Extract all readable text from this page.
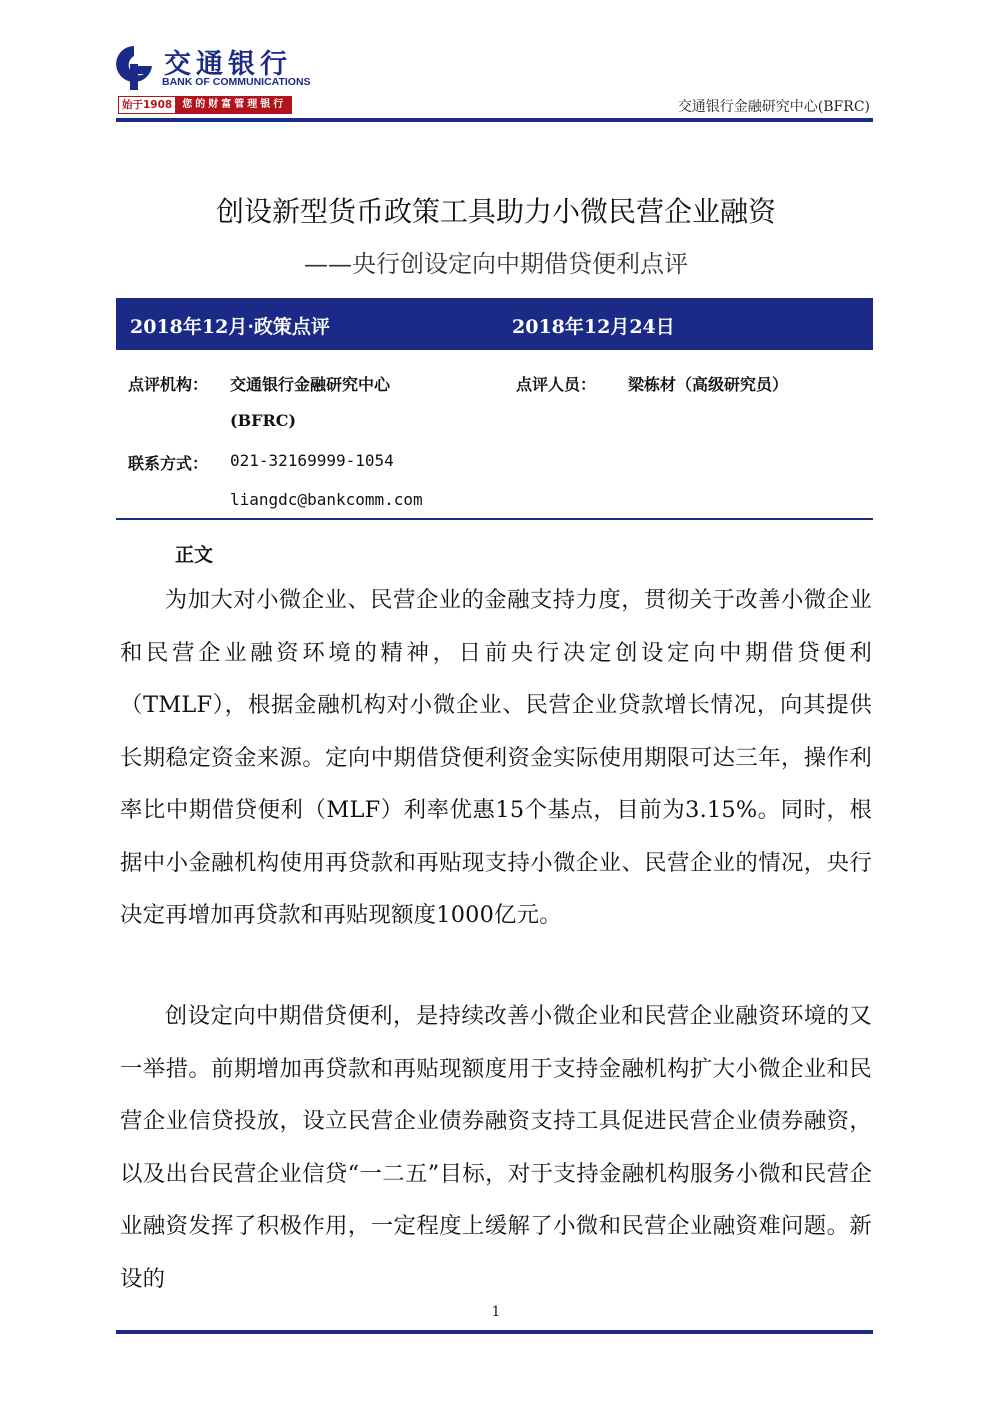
交通银行
BANK OF COMMUNICATIONS
始于1908	您的财富管理银行	交通银行金融研究中心(BFRC)
创设新型货币政策工具助力小微民营企业融资
——央行创设定向中期借贷便利点评
2018年12月·政策点评	2018年12月24日
点评机构： 交通银行金融研究中心
(BFRC)
点评人员： 梁栋材（高级研究员）
联系方式： 021-32169999-1054
liangdc@bankcomm.com
正文

为加大对小微企业、民营企业的金融支持力度，贯彻关于改善小微企业和民营企业融资环境的精神，日前央行决定创设定向中期借贷便利（TMLF），根据金融机构对小微企业、民营企业贷款增长情况，向其提供长期稳定资金来源。定向中期借贷便利资金实际使用期限可达三年，操作利率比中期借贷便利（MLF）利率优惠15个基点，目前为3.15%。同时，根据中小金融机构使用再贷款和再贴现支持小微企业、民营企业的情况，央行决定再增加再贷款和再贴现额度1000亿元。

创设定向中期借贷便利，是持续改善小微企业和民营企业融资环境的又一举措。前期增加再贷款和再贴现额度用于支持金融机构扩大小微企业和民营企业信贷投放，设立民营企业债券融资支持工具促进民营企业债券融资，以及出台民营企业信贷“一二五”目标，对于支持金融机构服务小微和民营企业融资发挥了积极作用，一定程度上缓解了小微和民营企业融资难问题。新设的

1
